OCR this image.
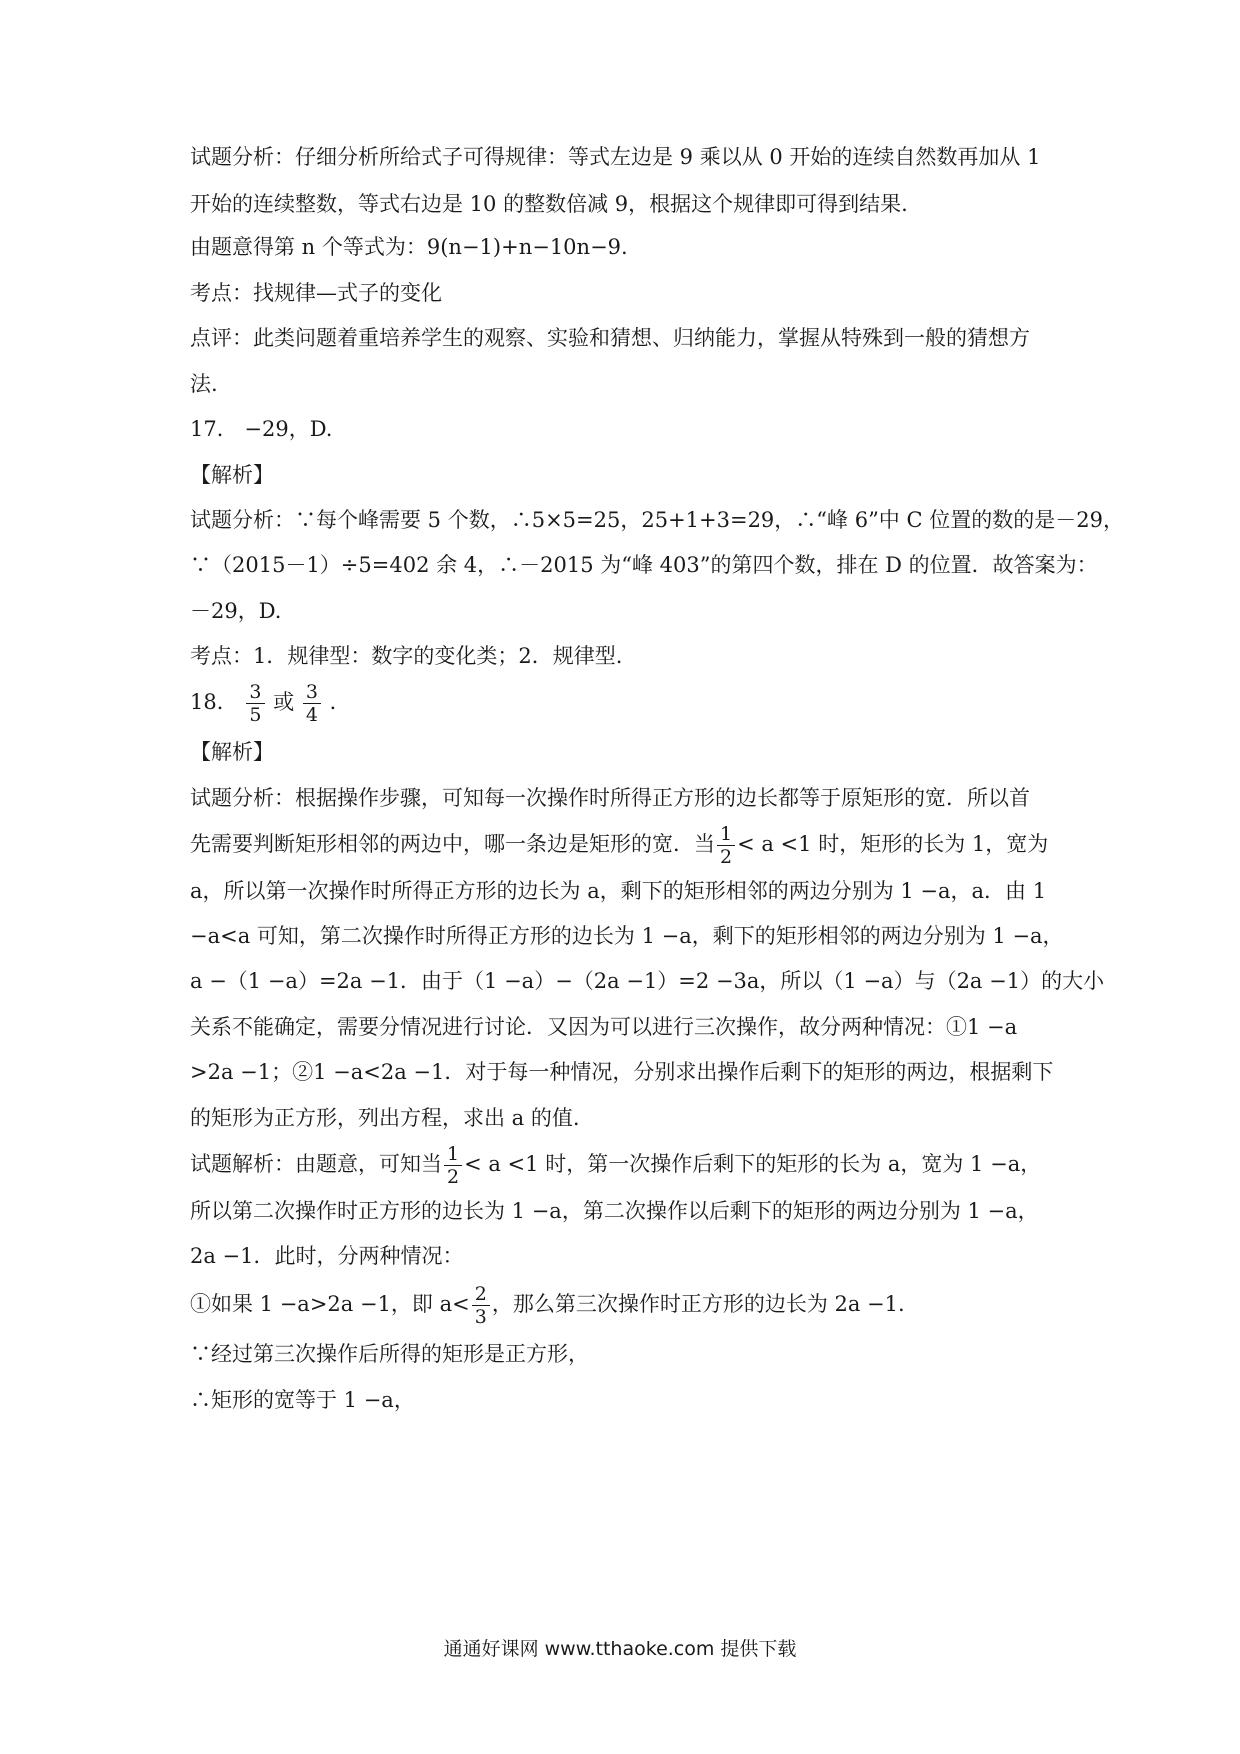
试题分析：仔细分析所给式子可得规律：等式左边是 9 乘以从 0 开始的连续自然数再加从 1
开始的连续整数，等式右边是 10 的整数倍减 9，根据这个规律即可得到结果.
由题意得第 n 个等式为：9(n−1)+n−10n−9.
考点：找规律—式子的变化
点评：此类问题着重培养学生的观察、实验和猜想、归纳能力，掌握从特殊到一般的猜想方
法.
17． −29，D.
【解析】
试题分析：∵每个峰需要 5 个数，∴5×5=25，25+1+3=29，∴“峰 6”中 C 位置的数的是－29，
∵（2015－1）÷5=402 余 4，∴－2015 为“峰 403”的第四个数，排在 D 的位置．故答案为：
－29，D.
考点：1．规律型：数字的变化类；2．规律型.
18． $\frac{3}{5}$ 或 $\frac{3}{4}$ ．
【解析】
试题分析：根据操作步骤，可知每一次操作时所得正方形的边长都等于原矩形的宽．所以首
先需要判断矩形相邻的两边中，哪一条边是矩形的宽．当 $\frac{1}{2} < a <1$ 时，矩形的长为 1，宽为
a，所以第一次操作时所得正方形的边长为 a，剩下的矩形相邻的两边分别为 1 −a，a．由 1
−a<a 可知，第二次操作时所得正方形的边长为 1 −a，剩下的矩形相邻的两边分别为 1 −a，
a −（1 −a）=2a −1．由于（1 −a）−（2a −1）=2 −3a，所以（1 −a）与（2a −1）的大小
关系不能确定，需要分情况进行讨论．又因为可以进行三次操作，故分两种情况：①1 −a
>2a −1；②1 −a<2a −1．对于每一种情况，分别求出操作后剩下的矩形的两边，根据剩下
的矩形为正方形，列出方程，求出 a 的值.
试题解析：由题意，可知当 $\frac{1}{2} < a <1$ 时，第一次操作后剩下的矩形的长为 a，宽为 1 −a，
所以第二次操作时正方形的边长为 1 −a，第二次操作以后剩下的矩形的两边分别为 1 −a，
2a −1．此时，分两种情况：
①如果 1 −a>2a −1，即 $a< \frac{2}{3}$ ，那么第三次操作时正方形的边长为 2a −1.
∵经过第三次操作后所得的矩形是正方形，
∴矩形的宽等于 1 −a，
通通好课网 www.tthaoke.com 提供下载
